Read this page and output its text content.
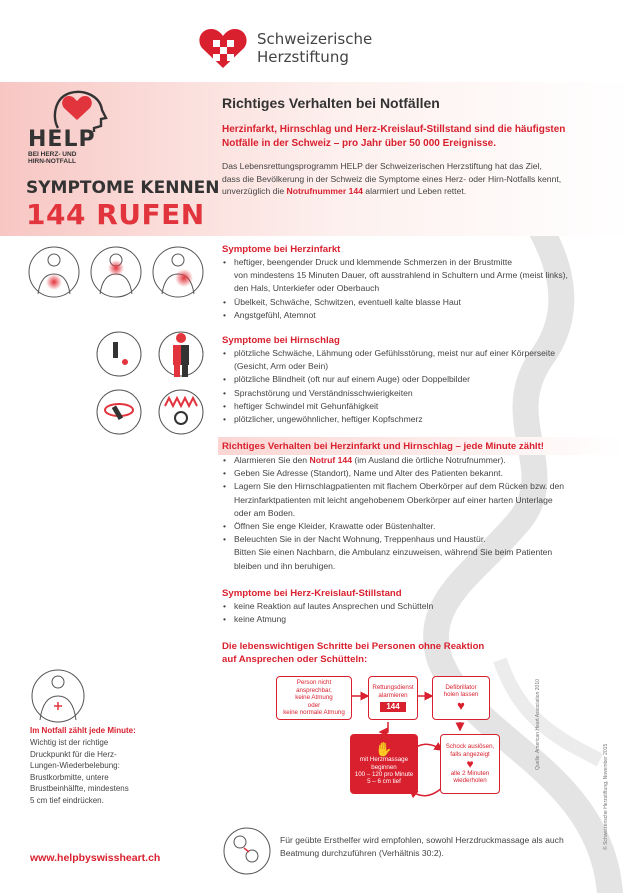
Schweizerische
Herzstiftung
HELP
BEI HERZ- UND
HIRN-NOTFALL
SYMPTOME KENNEN
144 RUFEN
Richtiges Verhalten bei Notfällen
Herzinfarkt, Hirnschlag und Herz-Kreislauf-Stillstand sind die häufigsten
Notfälle in der Schweiz – pro Jahr über 50 000 Ereignisse.
Das Lebensrettungsprogramm HELP der Schweizerischen Herzstiftung hat das Ziel,
dass die Bevölkerung in der Schweiz die Symptome eines Herz- oder Hirn-Notfalls kennt,
unverzüglich die Notrufnummer 144 alarmiert und Leben rettet.
Symptome bei Herzinfarkt
• heftiger, beengender Druck und klemmende Schmerzen in der Brustmitte
von mindestens 15 Minuten Dauer, oft ausstrahlend in Schultern und Arme (meist links),
den Hals, Unterkiefer oder Oberbauch
• Übelkeit, Schwäche, Schwitzen, eventuell kalte blasse Haut
• Angstgefühl, Atemnot
Symptome bei Hirnschlag
• plötzliche Schwäche, Lähmung oder Gefühlsstörung, meist nur auf einer Körperseite
(Gesicht, Arm oder Bein)
• plötzliche Blindheit (oft nur auf einem Auge) oder Doppelbilder
• Sprachstörung und Verständnisschwierigkeiten
• heftiger Schwindel mit Gehunfähigkeit
• plötzlicher, ungewöhnlicher, heftiger Kopfschmerz
Richtiges Verhalten bei Herzinfarkt und Hirnschlag – jede Minute zählt!
• Alarmieren Sie den Notruf 144 (im Ausland die örtliche Notrufnummer).
• Geben Sie Adresse (Standort), Name und Alter des Patienten bekannt.
• Lagern Sie den Hirnschlagpatienten mit flachem Oberkörper auf dem Rücken bzw. den
Herzinfarktpatienten mit leicht angehobenem Oberkörper auf einer harten Unterlage
oder am Boden.
• Öffnen Sie enge Kleider, Krawatte oder Büstenhalter.
• Beleuchten Sie in der Nacht Wohnung, Treppenhaus und Haustür.
Bitten Sie einen Nachbarn, die Ambulanz einzuweisen, während Sie beim Patienten
bleiben und ihn beruhigen.
Symptome bei Herz-Kreislauf-Stillstand
• keine Reaktion auf lautes Ansprechen und Schütteln
• keine Atmung
Die lebenswichtigen Schritte bei Personen ohne Reaktion
auf Ansprechen oder Schütteln:
Person nicht ansprechbar,
keine Atmung
oder
keine normale Atmung
Rettungsdienst
alarmieren
144
Defibrillator
holen lassen
♥
✋
mit Herzmassage beginnen
100 – 120 pro Minute
5 – 6 cm tief
Schock auslösen,
falls angezeigt
♥
alle 2 Minuten
wiederholen
Quelle: American Heart Association 2010
© Schweizerische Herzstiftung, November 2015
Im Notfall zählt jede Minute:
Wichtig ist der richtige
Druckpunkt für die Herz-
Lungen-Wiederbelebung:
Brustkorbmitte, untere
Brustbeinhälfte, mindestens
5 cm tief eindrücken.
Für geübte Ersthelfer wird empfohlen, sowohl Herzdruckmassage als auch
Beatmung durchzuführen (Verhältnis 30:2).
www.helpbyswissheart.ch
